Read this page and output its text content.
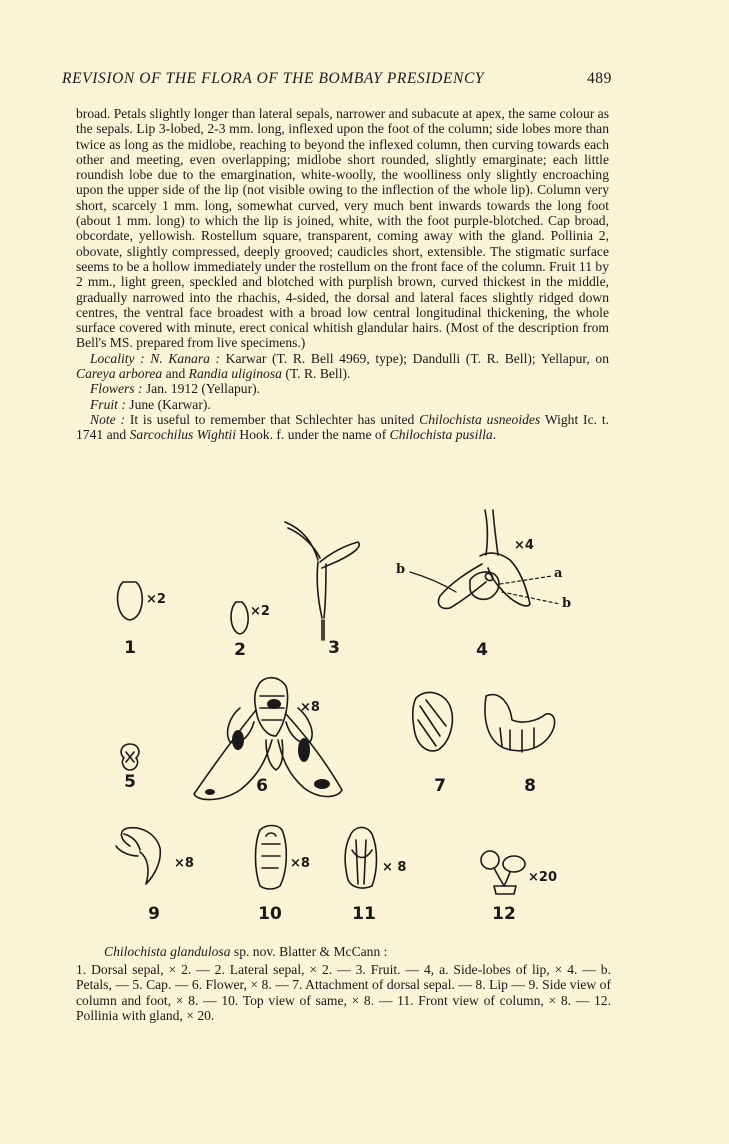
REVISION OF THE FLORA OF THE BOMBAY PRESIDENCY	489

broad. Petals slightly longer than lateral sepals, narrower and subacute at apex, the same colour as the sepals. Lip 3-lobed, 2-3 mm. long, inflexed upon the foot of the column; side lobes more than twice as long as the midlobe, reaching to beyond the inflexed column, then curving towards each other and meeting, even overlapping; midlobe short rounded, slightly emarginate; each little roundish lobe due to the emargination, white-woolly, the woolliness only slightly encroaching upon the upper side of the lip (not visible owing to the inflection of the whole lip). Column very short, scarcely 1 mm. long, somewhat curved, very much bent inwards towards the long foot (about 1 mm. long) to which the lip is joined, white, with the foot purple-blotched. Cap broad, obcordate, yellowish. Rostellum square, transparent, coming away with the gland. Pollinia 2, obovate, slightly compressed, deeply grooved; caudicles short, extensible. The stigmatic surface seems to be a hollow immediately under the rostellum on the front face of the column. Fruit 11 by 2 mm., light green, speckled and blotched with purplish brown, curved thickest in the middle, gradually narrowed into the rhachis, 4-sided, the dorsal and lateral faces slightly ridged down centres, the ventral face broadest with a broad low central longitudinal thickening, the whole surface covered with minute, erect conical whitish glandular hairs. (Most of the description from Bell's MS. prepared from live specimens.)

Locality : N. Kanara : Karwar (T. R. Bell 4969, type); Dandulli (T. R. Bell); Yellapur, on Careya arborea and Randia uliginosa (T. R. Bell).

Flowers : Jan. 1912 (Yellapur).

Fruit : June (Karwar).

Note : It is useful to remember that Schlechter has united Chilochista usneoides Wight Ic. t. 1741 and Sarcochilus Wightii Hook. f. under the name of Chilochista pusilla.

1	2	3	4
5	6	7	8
9	10	11	12
×2
×2
×4
×8
×8	×8	× 8
×20
a
b
b
Chilochista glandulosa sp. nov. Blatter & McCann :
1. Dorsal sepal, × 2. — 2. Lateral sepal, × 2. — 3. Fruit. — 4, a. Side-lobes of lip, × 4. — b. Petals, — 5. Cap. — 6. Flower, × 8. — 7. Attachment of dorsal sepal. — 8. Lip — 9. Side view of column and foot, × 8. — 10. Top view of same, × 8. — 11. Front view of column, × 8. — 12. Pollinia with gland, × 20.
